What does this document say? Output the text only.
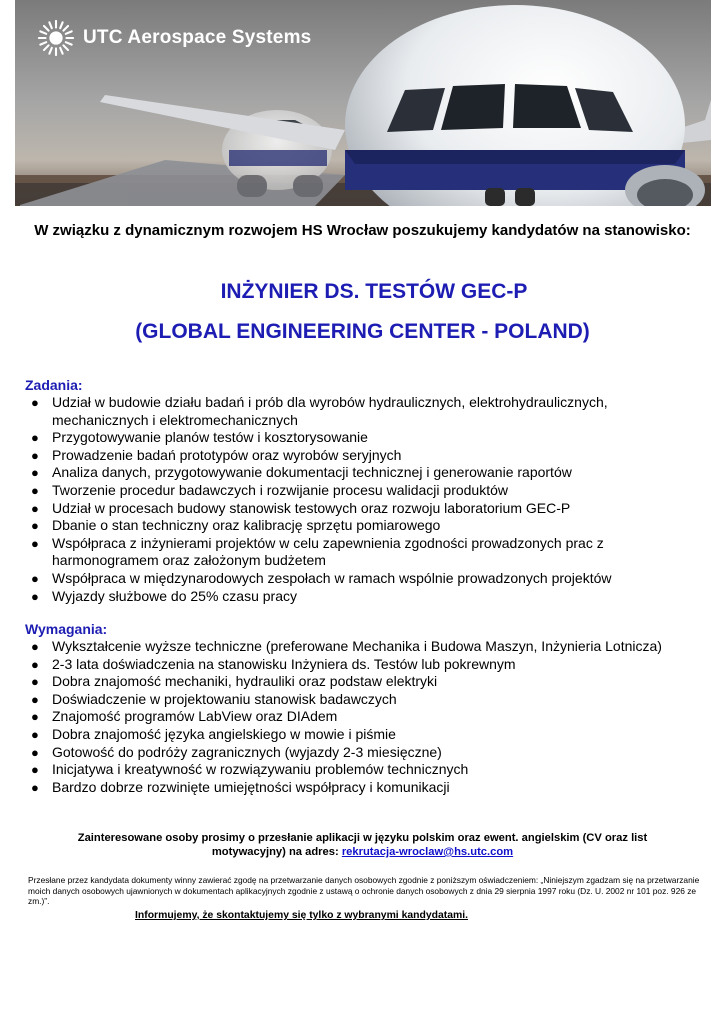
UTC Aerospace Systems
W związku z dynamicznym rozwojem HS Wrocław poszukujemy kandydatów na stanowisko:
INŻYNIER DS. TESTÓW GEC-P
(GLOBAL ENGINEERING CENTER - POLAND)

Zadania:

● Udział w budowie działu badań i prób dla wyrobów hydraulicznych, elektrohydraulicznych, mechanicznych i elektromechanicznych
● Przygotowywanie planów testów i kosztorysowanie
● Prowadzenie badań prototypów oraz wyrobów seryjnych
● Analiza danych, przygotowywanie dokumentacji technicznej i generowanie raportów
● Tworzenie procedur badawczych i rozwijanie procesu walidacji produktów
● Udział w procesach budowy stanowisk testowych oraz rozwoju laboratorium GEC-P
● Dbanie o stan techniczny oraz kalibrację sprzętu pomiarowego
● Współpraca z inżynierami projektów w celu zapewnienia zgodności prowadzonych prac z harmonogramem oraz założonym budżetem
● Współpraca w międzynarodowych zespołach w ramach wspólnie prowadzonych projektów
● Wyjazdy służbowe do 25% czasu pracy

Wymagania:

● Wykształcenie wyższe techniczne (preferowane Mechanika i Budowa Maszyn, Inżynieria Lotnicza)
● 2-3 lata doświadczenia na stanowisku Inżyniera ds. Testów lub pokrewnym
● Dobra znajomość mechaniki, hydrauliki oraz podstaw elektryki
● Doświadczenie w projektowaniu stanowisk badawczych
● Znajomość programów LabView oraz DIAdem
● Dobra znajomość języka angielskiego w mowie i piśmie
● Gotowość do podróży zagranicznych (wyjazdy 2-3 miesięczne)
● Inicjatywa i kreatywność w rozwiązywaniu problemów technicznych
● Bardzo dobrze rozwinięte umiejętności współpracy i komunikacji
Zainteresowane osoby prosimy o przesłanie aplikacji w języku polskim oraz ewent. angielskim (CV oraz list motywacyjny) na adres: rekrutacja-wroclaw@hs.utc.com
Przesłane przez kandydata dokumenty winny zawierać zgodę na przetwarzanie danych osobowych zgodnie z poniższym oświadczeniem: „Niniejszym zgadzam się na przetwarzanie moich danych osobowych ujawnionych w dokumentach aplikacyjnych zgodnie z ustawą o ochronie danych osobowych z dnia 29 sierpnia 1997 roku (Dz. U. 2002 nr 101 poz. 926 ze zm.)”.
Informujemy, że skontaktujemy się tylko z wybranymi kandydatami.
